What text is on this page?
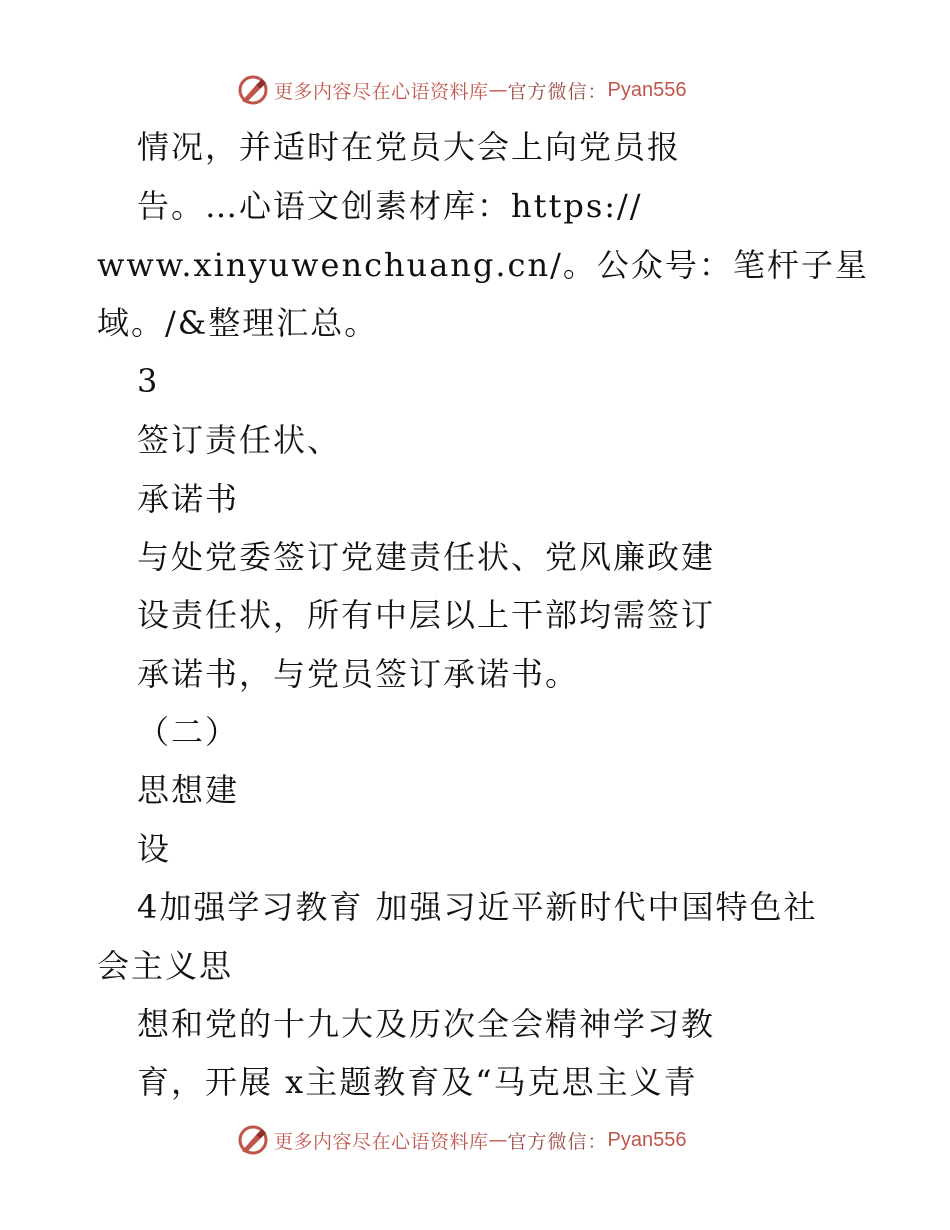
更多内容尽在心语资料库 — 官方微信： Pyan556
情况，并适时在党员大会上向党员报
告。…心语文创素材库：https://
www.xinyuwenchuang.cn/。公众号：笔杆子星
域。/&整理汇总。
3
签订责任状、
承诺书
与处党委签订党建责任状、党风廉政建
设责任状，所有中层以上干部均需签订
承诺书，与党员签订承诺书。
（二）
思想建
设
4加强学习教育 加强习近平新时代中国特色社
会主义思
想和党的十九大及历次全会精神学习教
育，开展 x主题教育及“马克思主义青
更多内容尽在心语资料库 — 官方微信： Pyan556
